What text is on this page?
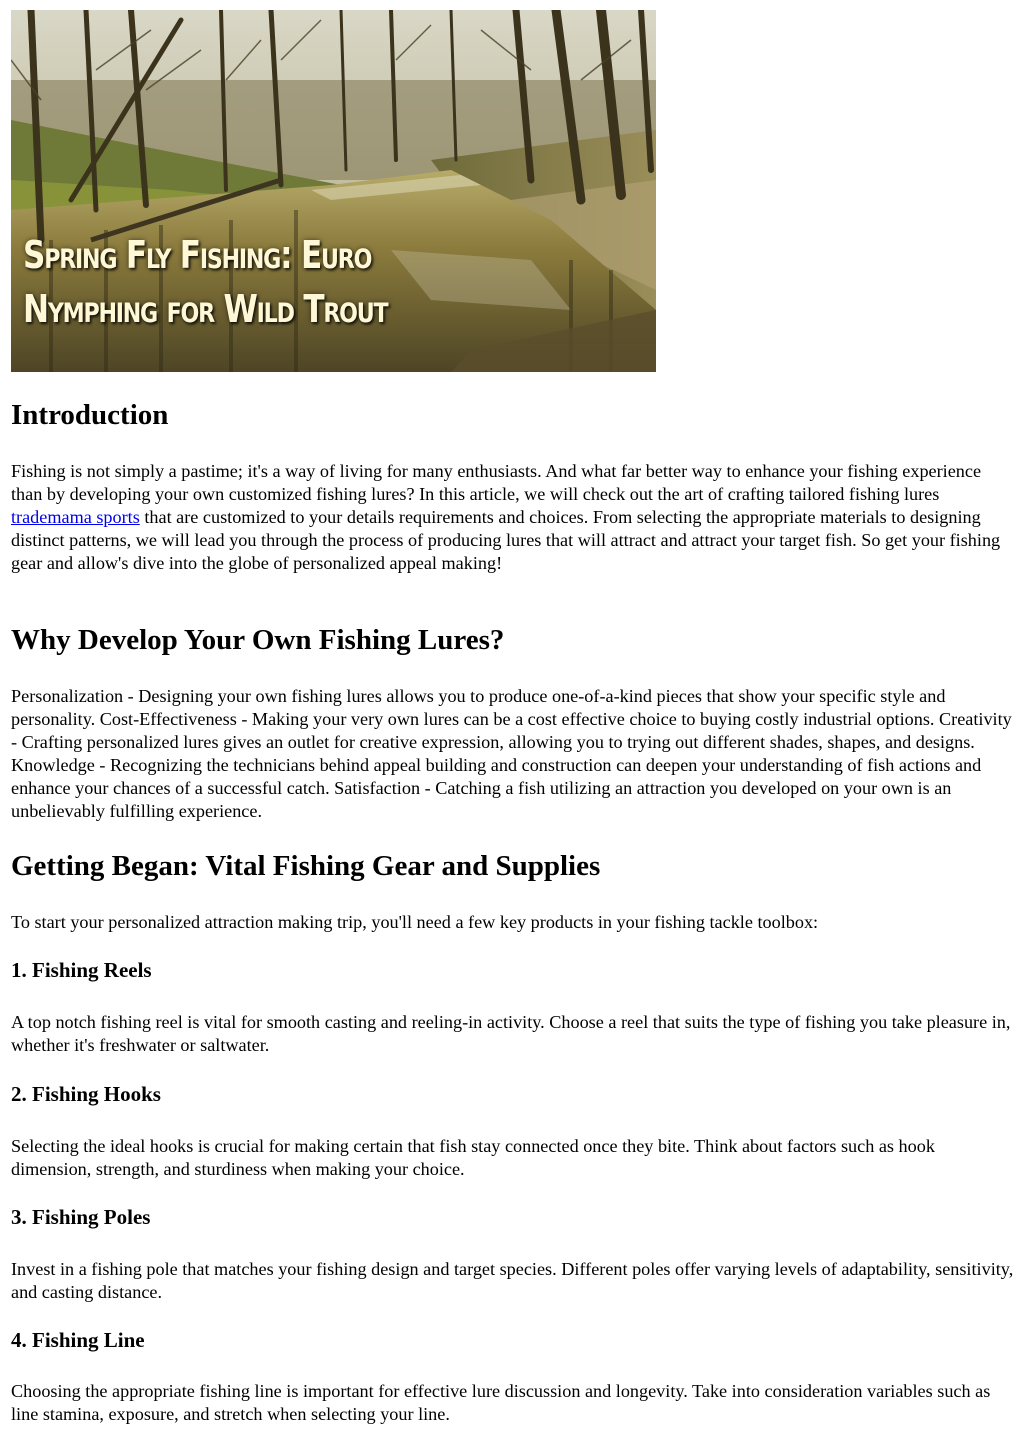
Spring Fly Fishing: Euro
Nymphing for Wild Trout
Introduction

Fishing is not simply a pastime; it's a way of living for many enthusiasts. And what far better way to enhance your fishing experience than by developing your own customized fishing lures? In this article, we will check out the art of crafting tailored fishing lures trademama sports that are customized to your details requirements and choices. From selecting the appropriate materials to designing distinct patterns, we will lead you through the process of producing lures that will attract and attract your target fish. So get your fishing gear and allow's dive into the globe of personalized appeal making!

Why Develop Your Own Fishing Lures?

Personalization - Designing your own fishing lures allows you to produce one-of-a-kind pieces that show your specific style and personality. Cost-Effectiveness - Making your very own lures can be a cost effective choice to buying costly industrial options. Creativity - Crafting personalized lures gives an outlet for creative expression, allowing you to trying out different shades, shapes, and designs. Knowledge - Recognizing the technicians behind appeal building and construction can deepen your understanding of fish actions and enhance your chances of a successful catch. Satisfaction - Catching a fish utilizing an attraction you developed on your own is an unbelievably fulfilling experience.

Getting Began: Vital Fishing Gear and Supplies

To start your personalized attraction making trip, you'll need a few key products in your fishing tackle toolbox:

1. Fishing Reels

A top notch fishing reel is vital for smooth casting and reeling-in activity. Choose a reel that suits the type of fishing you take pleasure in, whether it's freshwater or saltwater.

2. Fishing Hooks

Selecting the ideal hooks is crucial for making certain that fish stay connected once they bite. Think about factors such as hook dimension, strength, and sturdiness when making your choice.

3. Fishing Poles

Invest in a fishing pole that matches your fishing design and target species. Different poles offer varying levels of adaptability, sensitivity, and casting distance.

4. Fishing Line

Choosing the appropriate fishing line is important for effective lure discussion and longevity. Take into consideration variables such as line stamina, exposure, and stretch when selecting your line.
